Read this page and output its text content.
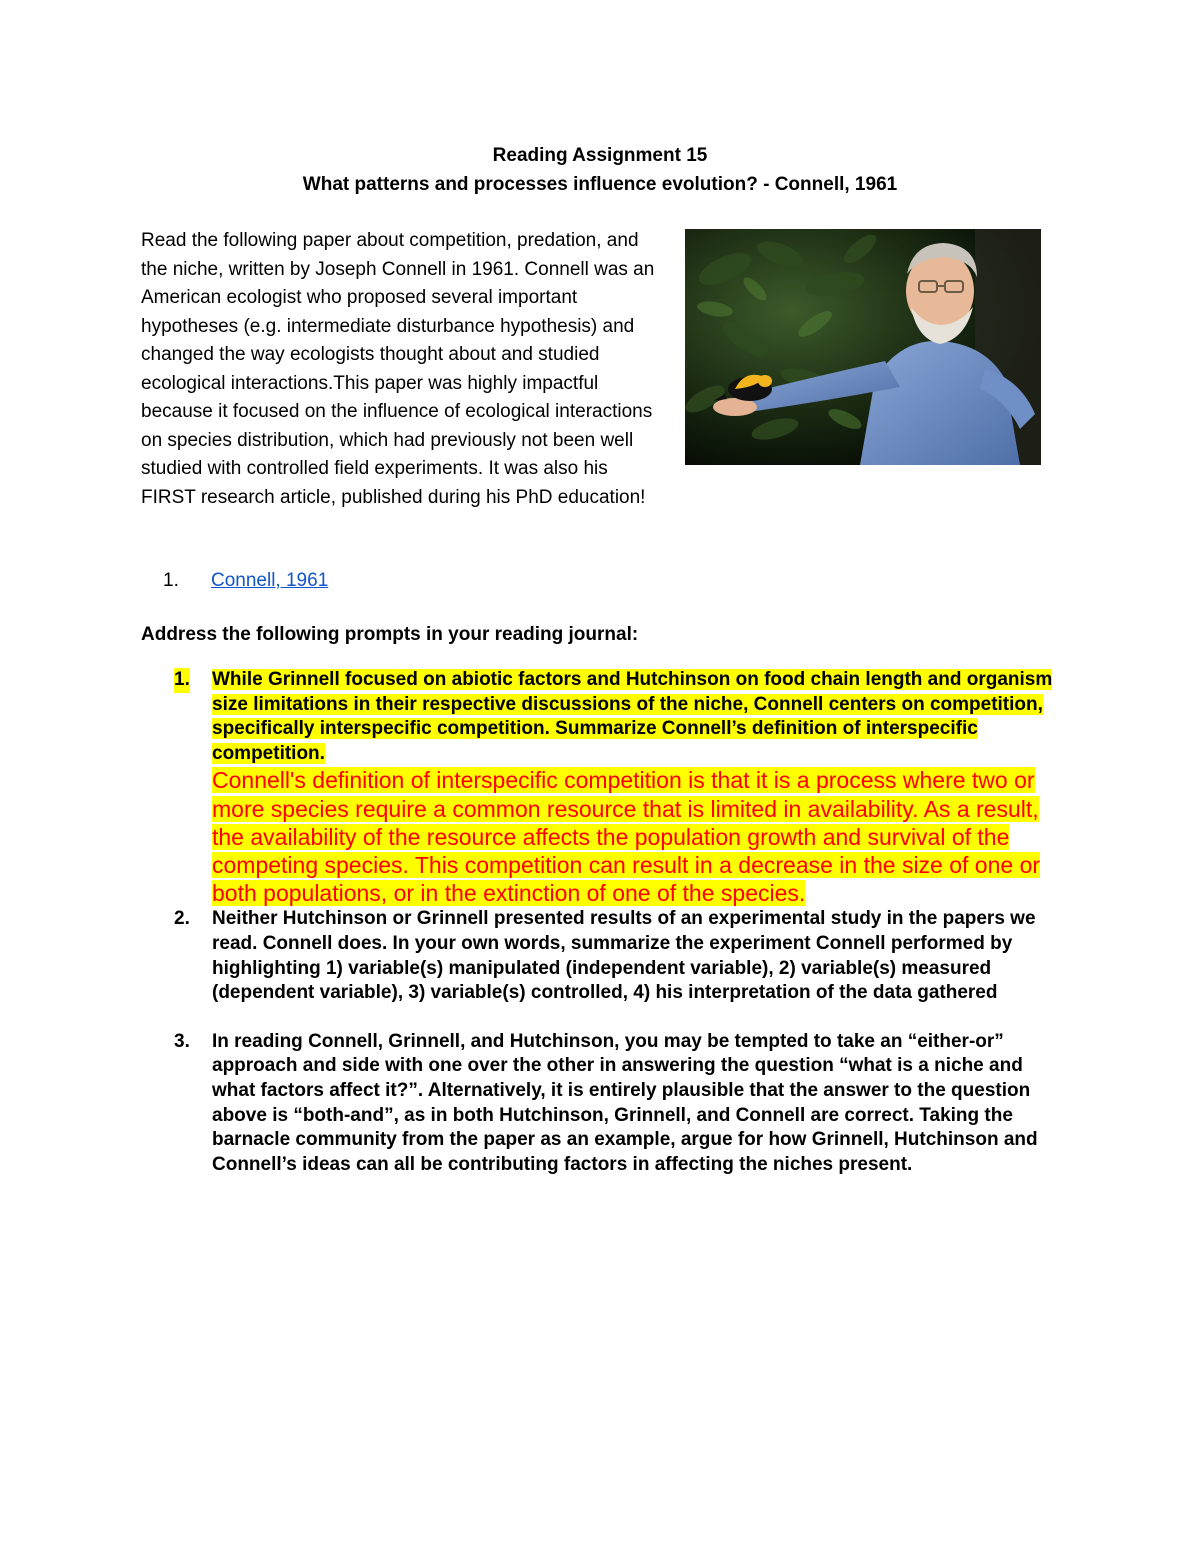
Reading Assignment 15
What patterns and processes influence evolution? - Connell, 1961
Read the following paper about competition, predation, and the niche, written by Joseph Connell in 1961. Connell was an American ecologist who proposed several important hypotheses (e.g. intermediate disturbance hypothesis) and changed the way ecologists thought about and studied ecological interactions.This paper was highly impactful because it focused on the influence of ecological interactions on species distribution, which had previously not been well studied with controlled field experiments. It was also his FIRST research article, published during his PhD education!
1. Connell, 1961
Address the following prompts in your reading journal:
1. While Grinnell focused on abiotic factors and Hutchinson on food chain length and organism size limitations in their respective discussions of the niche, Connell centers on competition, specifically interspecific competition. Summarize Connell’s definition of interspecific competition.
Connell's definition of interspecific competition is that it is a process where two or more species require a common resource that is limited in availability. As a result, the availability of the resource affects the population growth and survival of the competing species. This competition can result in a decrease in the size of one or both populations, or in the extinction of one of the species.
2. Neither Hutchinson or Grinnell presented results of an experimental study in the papers we read. Connell does. In your own words, summarize the experiment Connell performed by highlighting 1) variable(s) manipulated (independent variable), 2) variable(s) measured (dependent variable), 3) variable(s) controlled, 4) his interpretation of the data gathered
3. In reading Connell, Grinnell, and Hutchinson, you may be tempted to take an “either-or” approach and side with one over the other in answering the question “what is a niche and what factors affect it?”. Alternatively, it is entirely plausible that the answer to the question above is “both-and”, as in both Hutchinson, Grinnell, and Connell are correct. Taking the barnacle community from the paper as an example, argue for how Grinnell, Hutchinson and Connell’s ideas can all be contributing factors in affecting the niches present.
